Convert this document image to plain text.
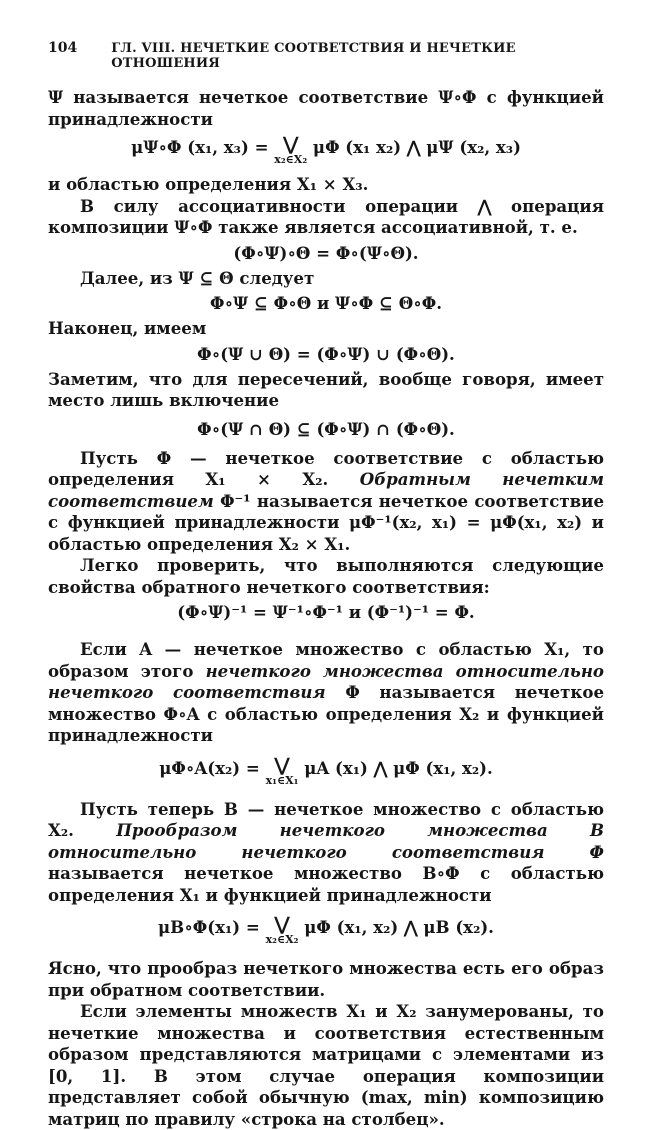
104	ГЛ. VIII. НЕЧЕТКИЕ СООТВЕТСТВИЯ И НЕЧЕТКИЕ ОТНОШЕНИЯ

Ψ называется нечеткое соответствие Ψ∘Φ с функцией принадлежности

μΨ∘Φ (x₁, x₃) = ⋁
x₂∈X₂
μΦ (x₁ x₂) ⋀ μΨ (x₂, x₃)

и областью определения X₁ × X₃.

В силу ассоциативности операции ⋀ операция композиции Ψ∘Φ также является ассоциативной, т. е.

(Φ∘Ψ)∘Θ = Φ∘(Ψ∘Θ).

Далее, из Ψ ⊆ Θ следует

Φ∘Ψ ⊆ Φ∘Θ и Ψ∘Φ ⊆ Θ∘Φ.

Наконец, имеем

Φ∘(Ψ ∪ Θ) = (Φ∘Ψ) ∪ (Φ∘Θ).

Заметим, что для пересечений, вообще говоря, имеет место лишь включение

Φ∘(Ψ ∩ Θ) ⊆ (Φ∘Ψ) ∩ (Φ∘Θ).

Пусть Φ — нечеткое соответствие с областью определения X₁ × X₂. Обратным нечетким соответствием Φ⁻¹ называется нечеткое соответствие с функцией принадлежности μΦ⁻¹(x₂, x₁) = μΦ(x₁, x₂) и областью определения X₂ × X₁.

Легко проверить, что выполняются следующие свойства обратного нечеткого соответствия:

(Φ∘Ψ)⁻¹ = Ψ⁻¹∘Φ⁻¹ и (Φ⁻¹)⁻¹ = Φ.

Если A — нечеткое множество с областью X₁, то образом этого нечеткого множества относительно нечеткого соответствия Φ называется нечеткое множество Φ∘A с областью определения X₂ и функцией принадлежности

μΦ∘A(x₂) = ⋁
x₁∈X₁
μA (x₁) ⋀ μΦ (x₁, x₂).

Пусть теперь B — нечеткое множество с областью X₂.	Прообразом нечеткого множества B относительно нечеткого соответствия Φ называется нечеткое множество B∘Φ с областью определения X₁ и функцией принадлежности

μB∘Φ(x₁) = ⋁
x₂∈X₂
μΦ (x₁, x₂) ⋀ μB (x₂).

Ясно, что прообраз нечеткого множества есть его образ при обратном соответствии.

Если элементы множеств X₁ и X₂ занумерованы, то нечеткие множества и соответствия естественным образом представляются матрицами с элементами из [0, 1]. В этом случае операция композиции представляет собой обычную (max, min) композицию матриц по правилу «строка на столбец».
